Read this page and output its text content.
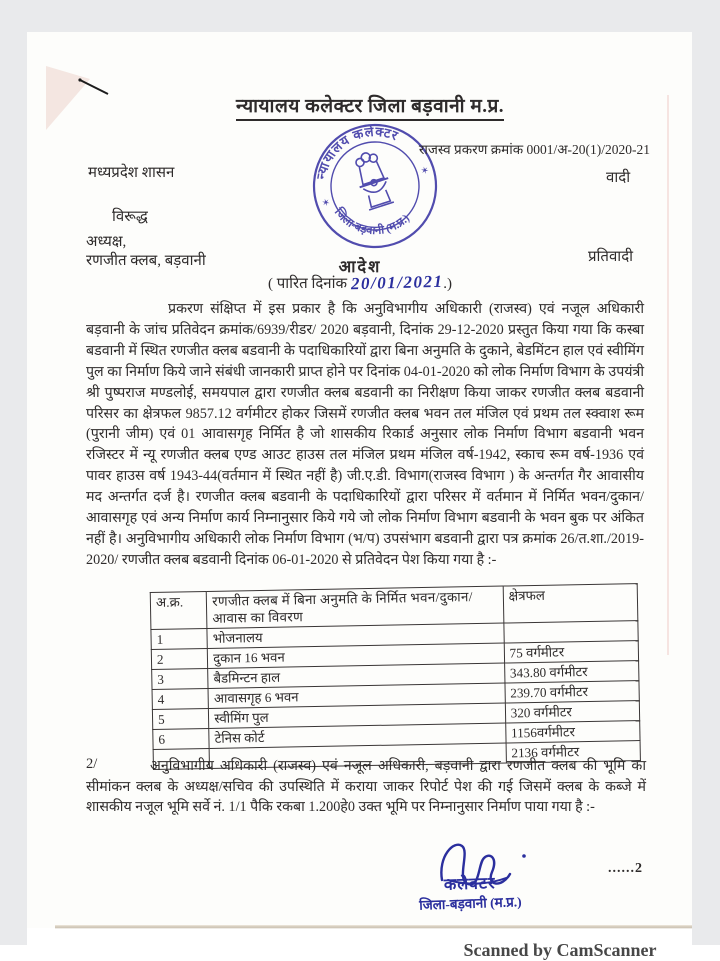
न्यायालय कलेक्टर जिला बड़वानी म.प्र.
न्यायालय कलेक्टर
जिला-बड़वानी (म.प्र.)
✶
✶
राजस्व प्रकरण क्रमांक 0001/अ-20(1)/2020-21
मध्यप्रदेश शासन	वादी
विरूद्ध
अध्यक्ष,
रणजीत क्लब, बड़वानी	प्रतिवादी
आदेश
( पारित दिनांक 20/01/2021.)
प्रकरण संक्षिप्त में इस प्रकार है कि अनुविभागीय अधिकारी (राजस्व) एवं नजूल अधिकारी बड़वानी के जांच प्रतिवेदन क्रमांक/6939/रीडर/ 2020 बड़वानी, दिनांक 29-12-2020 प्रस्तुत किया गया कि कस्बा बडवानी में स्थित रणजीत क्लब बडवानी के पदाधिकारियों द्वारा बिना अनुमति के दुकाने, बेडमिंटन हाल एवं स्वीमिंग पुल का निर्माण किये जाने संबंधी जानकारी प्राप्त होने पर दिनांक 04-01-2020 को लोक निर्माण विभाग के उपयंत्री श्री पुष्पराज मण्डलोई, समयपाल द्वारा रणजीत क्लब बडवानी का निरीक्षण किया जाकर रणजीत क्लब बडवानी परिसर का क्षेत्रफल 9857.12 वर्गमीटर होकर जिसमें रणजीत क्लब भवन तल मंजिल एवं प्रथम तल स्क्वाश रूम (पुरानी जीम) एवं 01 आवासगृह निर्मित है जो शासकीय रिकार्ड अनुसार लोक निर्माण विभाग बडवानी भवन रजिस्टर में न्यू रणजीत क्लब एण्ड आउट हाउस तल मंजिल प्रथम मंजिल वर्ष-1942, स्काच रूम वर्ष-1936 एवं पावर हाउस वर्ष 1943-44(वर्तमान में स्थित नहीं है) जी.ए.डी. विभाग(राजस्व विभाग ) के अन्तर्गत गैर आवासीय मद अन्तर्गत दर्ज है। रणजीत क्लब बडवानी के पदाधिकारियों द्वारा परिसर में वर्तमान में निर्मित भवन/दुकान/ आवासगृह एवं अन्य निर्माण कार्य निम्नानुसार किये गये जो लोक निर्माण विभाग बडवानी के भवन बुक पर अंकित नहीं है। अनुविभागीय अधिकारी लोक निर्माण विभाग (भ/प) उपसंभाग बडवानी द्वारा पत्र क्रमांक 26/त.शा./2019-2020/ रणजीत क्लब बडवानी दिनांक 06-01-2020 से प्रतिवेदन पेश किया गया है :-
अ.क्र.	रणजीत क्लब में बिना अनुमति के निर्मित भवन/दुकान/आवास का विवरण	क्षेत्रफल
1	भोजनालय	
2	दुकान 16 भवन	75 वर्गमीटर
3	बैडमिन्टन हाल	343.80 वर्गमीटर
4	आवासगृह 6 भवन	239.70 वर्गमीटर
5	स्वीमिंग पुल	320 वर्गमीटर
6	टेनिस कोर्ट	1156वर्गमीटर
		2136 वर्गमीटर
2/	अनुविभागीय अधिकारी (राजस्व) एवं नजूल अधिकारी, बड़वानी द्वारा रणजीत क्लब की भूमि का सीमांकन क्लब के अध्यक्ष/सचिव की उपस्थिति में कराया जाकर रिपोर्ट पेश की गई जिसमें क्लब के कब्जे में शासकीय नजूल भूमि सर्वे नं. 1/1 पैकि रकबा 1.200हे0 उक्त भूमि पर निम्नानुसार निर्माण पाया गया है :-
......2
कलेक्टर
जिला-बड़वानी (म.प्र.)
Scanned by CamScanner
